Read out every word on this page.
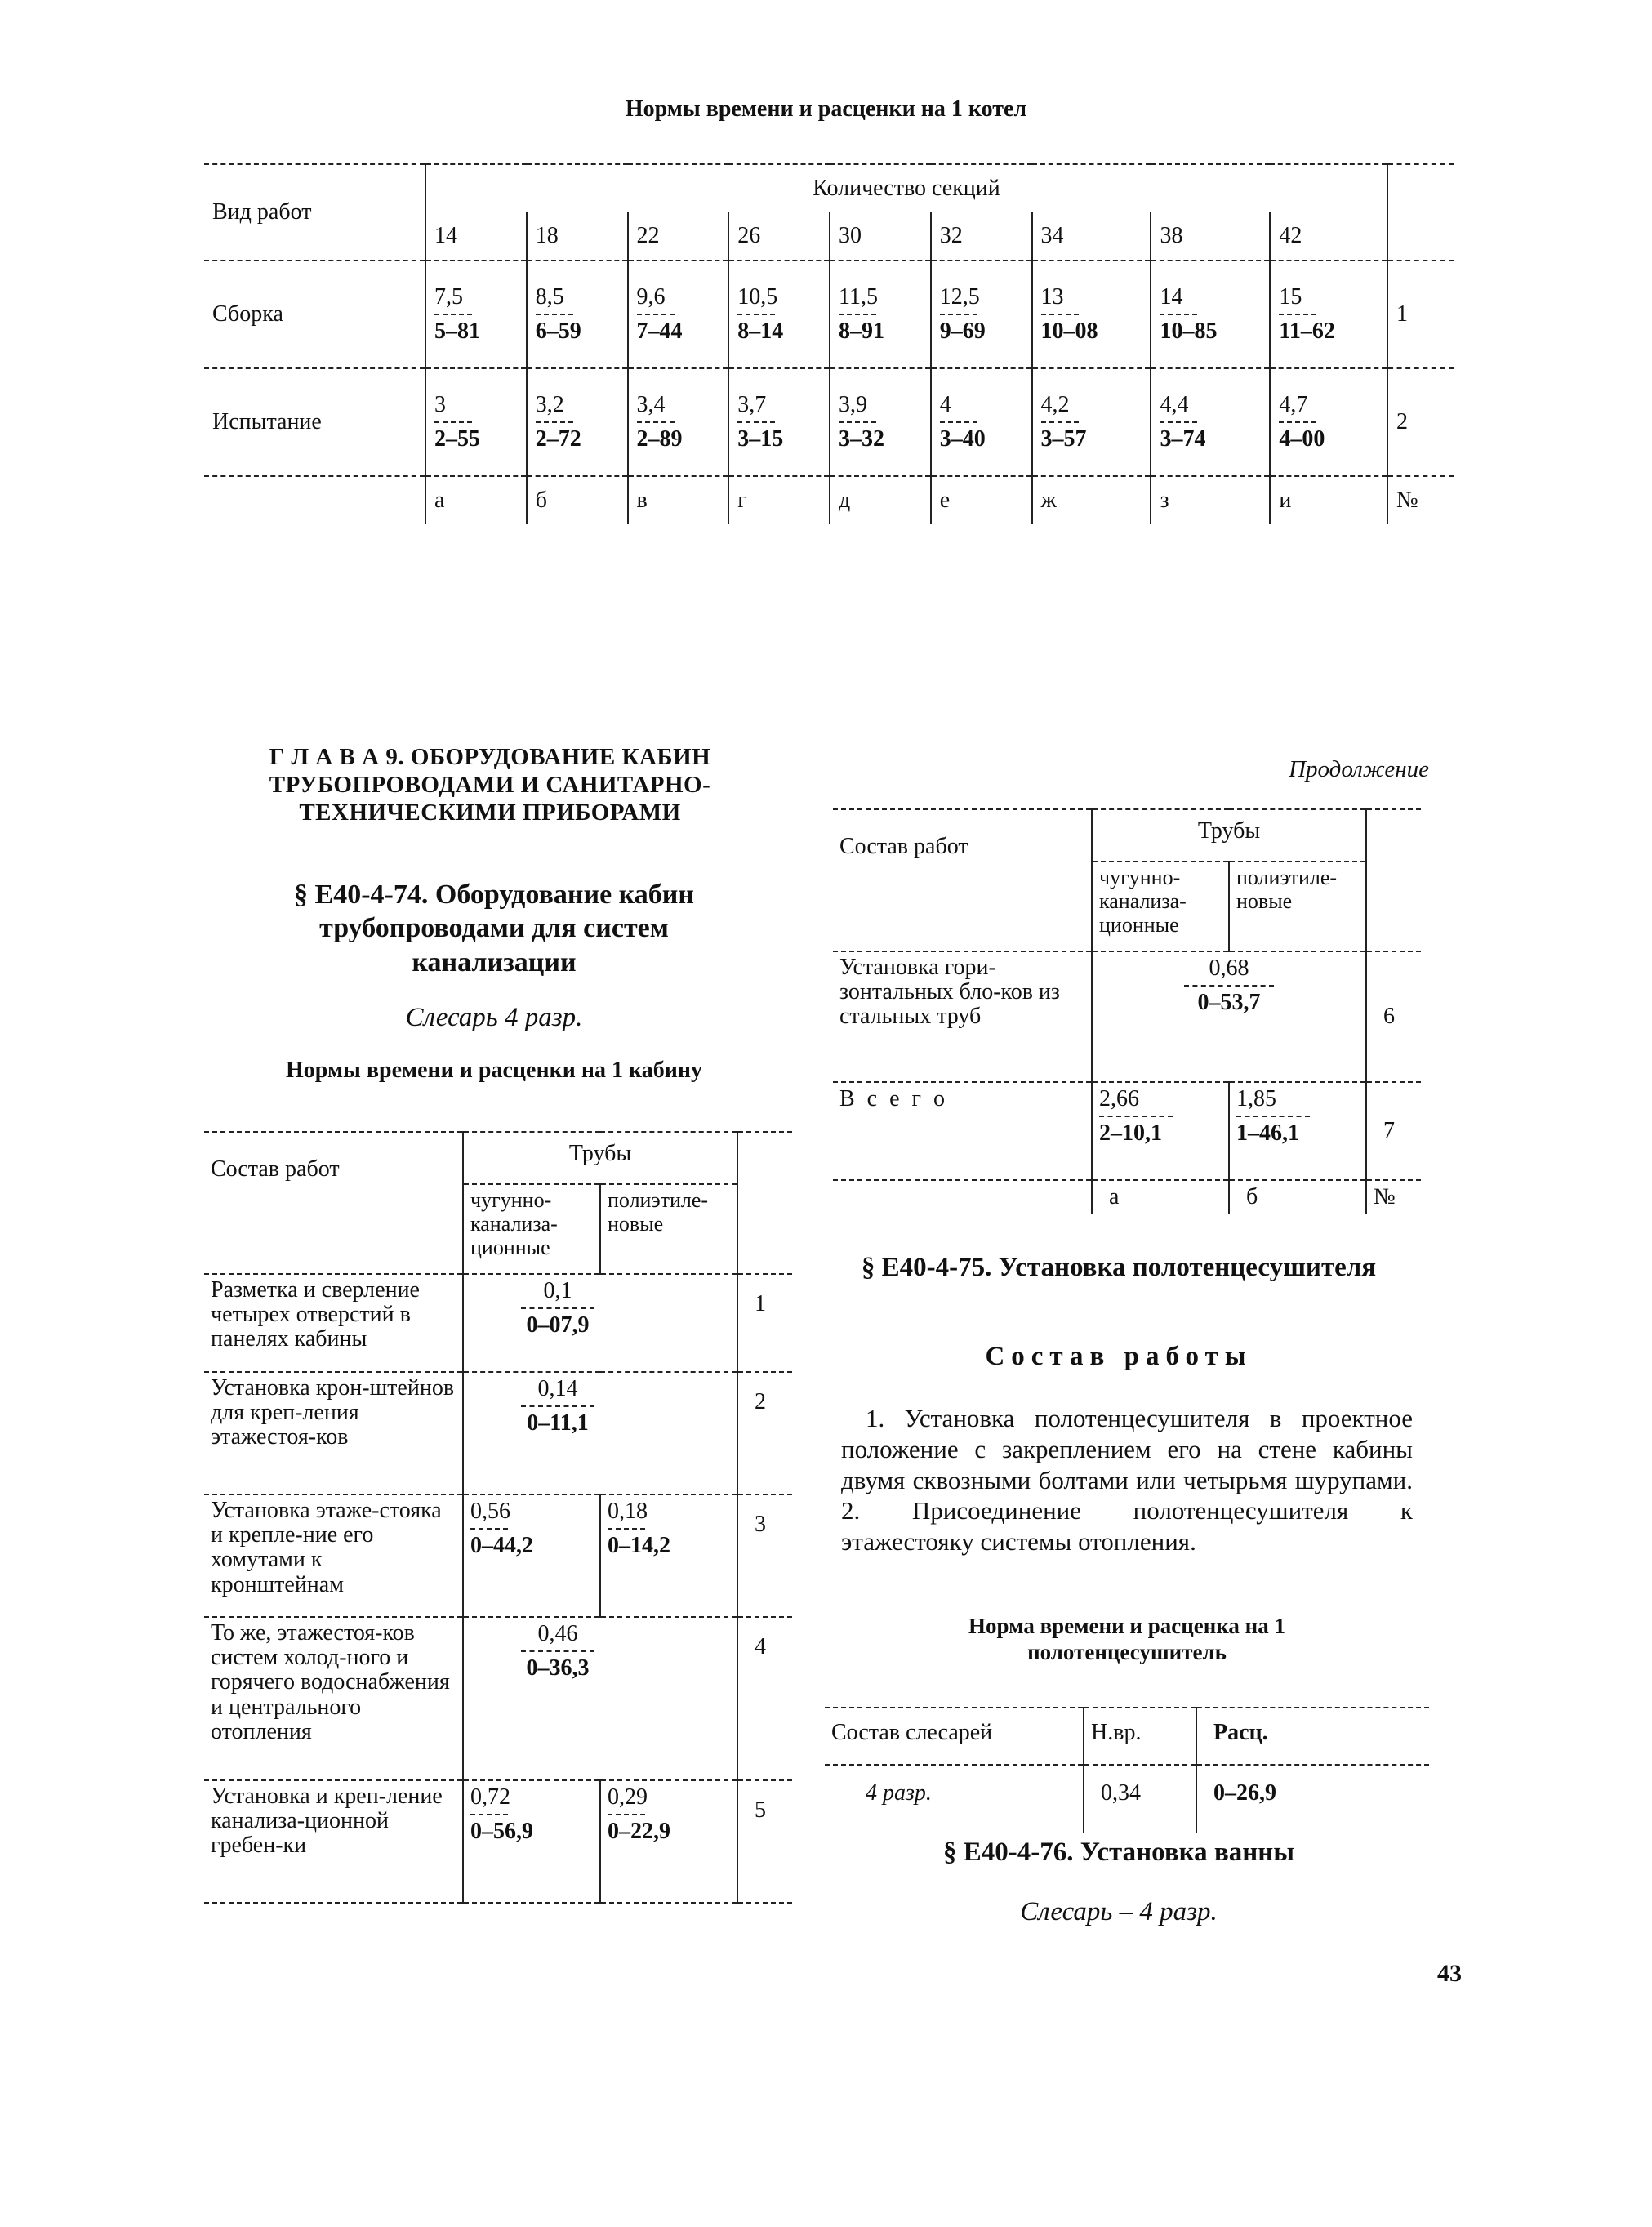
Нормы времени и расценки на 1 котел
Вид работ	Количество секций									
	14	18	22	26	30	32	34	38	42	
Сборка	$\frac{7,5}{5-81}$	$\frac{8,5}{6-59}$	$\frac{9,6}{7-44}$	$\frac{10,5}{8-14}$	$\frac{11,5}{8-91}$	$\frac{12,5}{9-69}$	$\frac{13}{10-08}$	$\frac{14}{10-85}$	$\frac{15}{11-62}$	1
Испытание	$\frac{3}{2-55}$	$\frac{3,2}{2-72}$	$\frac{3,4}{2-89}$	$\frac{3,7}{3-15}$	$\frac{3,9}{3-32}$	$\frac{4}{3-40}$	$\frac{4,2}{3-57}$	$\frac{4,4}{3-74}$	$\frac{4,7}{4-00}$	2
	а	б	в	г	д	е	ж	з	и	№
Г Л А В А 9. ОБОРУДОВАНИЕ КАБИН ТРУБОПРОВОДАМИ И САНИТАРНО-ТЕХНИЧЕСКИМИ ПРИБОРАМИ
§ Е40-4-74. Оборудование кабин трубопроводами для систем канализации
Слесарь 4 разр.
Нормы времени и расценки на 1 кабину
Состав работ	Трубы		
	чугунно-канализа-ционные	полиэтиле-новые	
Разметка и сверление четырех отверстий в панелях кабины	$\frac{0,1}{0-07,9}$		1
Установка крон-штейнов для креп-ления этажестоя-ков	$\frac{0,14}{0-11,1}$		2
Установка этаже-стояка и крепле-ние его хомутами к кронштейнам	$\frac{0,56}{0-44,2}$	$\frac{0,18}{0-14,2}$	3
То же, этажестоя-ков систем холод-ного и горячего водоснабжения и центрального отопления	$\frac{0,46}{0-36,3}$		4
Установка и креп-ление канализа-ционной гребен-ки	$\frac{0,72}{0-56,9}$	$\frac{0,29}{0-22,9}$	5

Продолжение
Состав работ	Трубы		
	чугунно-канализа-ционные	полиэтиле-новые	
Установка гори-зонтальных бло-ков из стальных труб	$\frac{0,68}{0-53,7}$		6
В с е г о	$\frac{2,66}{2-10,1}$	$\frac{1,85}{1-46,1}$	7
	а	б	№
§ Е40-4-75. Установка полотенцесушителя
Состав работы
1. Установка полотенцесушителя в проектное положение с закреплением его на стене кабины двумя сквозными болтами или четырьмя шурупами. 2. Присоединение полотенцесушителя к этажестояку системы отопления.
Норма времени и расценка на 1 полотенцесушитель
Состав слесарей	Н.вр.	Расц.
4 разр.	0,34	0–26,9
§ Е40-4-76. Установка ванны
Слесарь – 4 разр.
43
